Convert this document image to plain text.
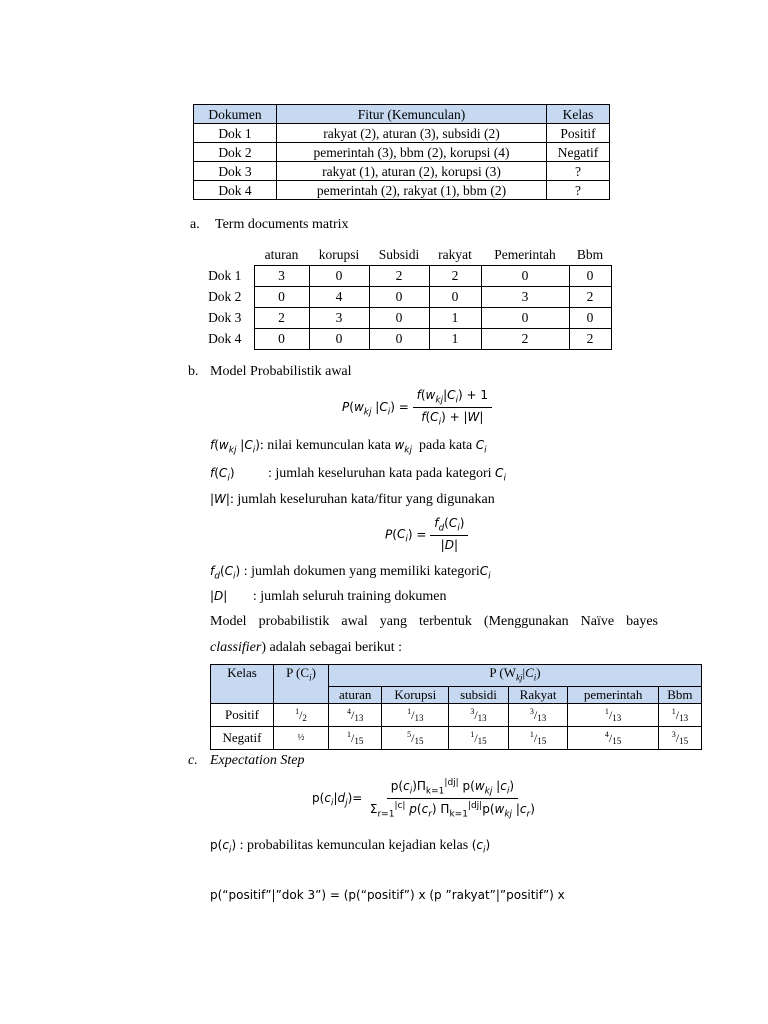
Dokumen	Fitur (Kemunculan)	Kelas
Dok 1	rakyat (2), aturan (3), subsidi (2)	Positif
Dok 2	pemerintah (3), bbm (2), korupsi (4)	Negatif
Dok 3	rakyat (1), aturan (2), korupsi (3)	?
Dok 4	pemerintah (2), rakyat (1), bbm (2)	?
a. Term documents matrix
	aturan	korupsi	Subsidi	rakyat	Pemerintah	Bbm
Dok 1	3	0	2	2	0	0
Dok 2	0	4	0	0	3	2
Dok 3	2	3	0	1	0	0
Dok 4	0	0	0	1	2	2
b. Model Probabilistik awal
$P(w_{kj}$ $|C_i) = \frac{f(w_{kj}|C_i) + 1}{f(C_i) + |W|}$
$f(w_{kj}$ $|C_i$): nilai kemunculan kata $w_{kj}$ pada kata $C_i$
$f(C_i)$ : jumlah keseluruhan kata pada kategori $C_i$
|W|: jumlah keseluruhan kata/fitur yang digunakan
$P(C_i) = \frac{f_d(C_i)}{|D|}$
$f_d(C_i)$ : jumlah dokumen yang memiliki kategoriC$_i$
|D| : jumlah seluruh training dokumen
Model probabilistik awal yang terbentuk (Menggunakan Naïve bayes
classifier) adalah sebagai berikut :
Kelas	P $(C_i)$	P $(W_{kj}|C_i)$					
		aturan	Korupsi	subsidi	Rakyat	pemerintah	Bbm
Positif	$^1/_2$	$^4/_{13}$	$^1/_{13}$	$^3/_{13}$	$^3/_{13}$	$^1/_{13}$	$^1/_{13}$
Negatif	½	$^1/_{15}$	$^5/_{15}$	$^1/_{15}$	$^1/_{15}$	$^4/_{15}$	$^3/_{15}$
c. Expectation Step
$p(c_i|d_j)= \frac{p(c_i)\Pi_{k=1}^{|dj|} p(w_{kj} |c_i)}{\Sigma_{r=1}^{|c|} p(c_r) \Pi_{k=1}^{|dj|}p(w_{kj} |c_r)}$
$p(c_i)$ : probabilitas kemunculan kejadian kelas $(c_i)$
p(“positif”|”dok 3”) = (p(“positif”) x (p ”rakyat”|”positif”) x
